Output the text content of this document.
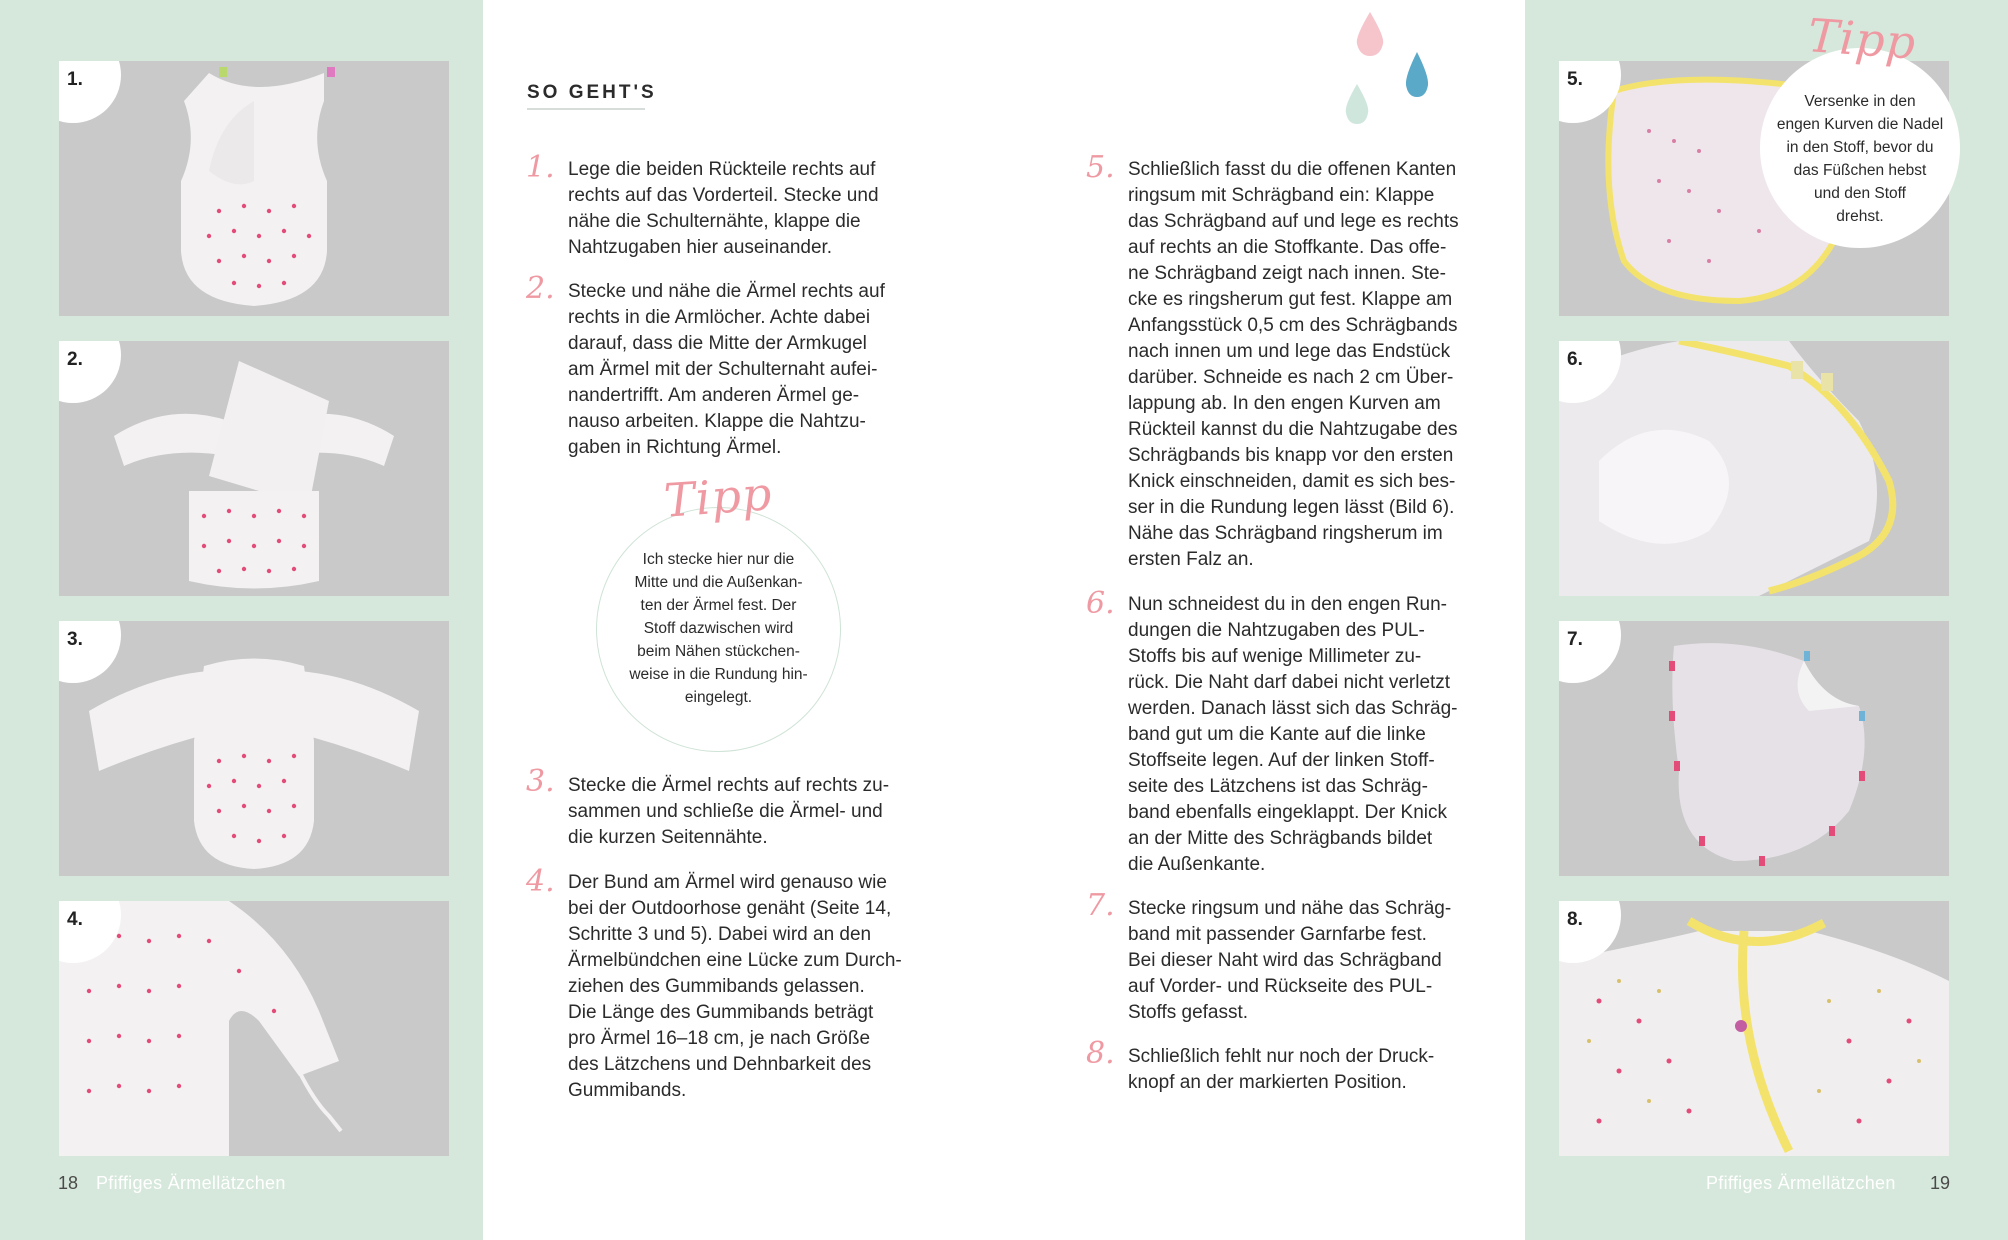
1.
2.
3.
4.
18 Pfiffiges Ärmellätzchen
5.
6.
7.
8.
Tipp
Versenke in den
engen Kurven die Nadel
in den Stoff, bevor du
das Füßchen hebst
und den Stoff
drehst.
Pfiffiges Ärmellätzchen 19
SO GEHT'S
1. Lege die beiden Rückteile rechts auf
rechts auf das Vorderteil. Stecke und
nähe die Schulternähte, klappe die
Nahtzugaben hier auseinander.
2. Stecke und nähe die Ärmel rechts auf
rechts in die Armlöcher. Achte dabei
darauf, dass die Mitte der Armkugel
am Ärmel mit der Schulternaht aufei-
nandertrifft. Am anderen Ärmel ge-
nauso arbeiten. Klappe die Nahtzu-
gaben in Richtung Ärmel.
Tipp
Ich stecke hier nur die
Mitte und die Außenkan-
ten der Ärmel fest. Der
Stoff dazwischen wird
beim Nähen stückchen-
weise in die Rundung hin-
eingelegt.
3. Stecke die Ärmel rechts auf rechts zu-
sammen und schließe die Ärmel- und
die kurzen Seitennähte.
4. Der Bund am Ärmel wird genauso wie
bei der Outdoorhose genäht (Seite 14,
Schritte 3 und 5). Dabei wird an den
Ärmelbündchen eine Lücke zum Durch-
ziehen des Gummibands gelassen.
Die Länge des Gummibands beträgt
pro Ärmel 16–18 cm, je nach Größe
des Lätzchens und Dehnbarkeit des
Gummibands.
5. Schließlich fasst du die offenen Kanten
ringsum mit Schrägband ein: Klappe
das Schrägband auf und lege es rechts
auf rechts an die Stoffkante. Das offe-
ne Schrägband zeigt nach innen. Ste-
cke es ringsherum gut fest. Klappe am
Anfangsstück 0,5 cm des Schrägbands
nach innen um und lege das Endstück
darüber. Schneide es nach 2 cm Über-
lappung ab. In den engen Kurven am
Rückteil kannst du die Nahtzugabe des
Schrägbands bis knapp vor den ersten
Knick einschneiden, damit es sich bes-
ser in die Rundung legen lässt (Bild 6).
Nähe das Schrägband ringsherum im
ersten Falz an.
6. Nun schneidest du in den engen Run-
dungen die Nahtzugaben des PUL-
Stoffs bis auf wenige Millimeter zu-
rück. Die Naht darf dabei nicht verletzt
werden. Danach lässt sich das Schräg-
band gut um die Kante auf die linke
Stoffseite legen. Auf der linken Stoff-
seite des Lätzchens ist das Schräg-
band ebenfalls eingeklappt. Der Knick
an der Mitte des Schrägbands bildet
die Außenkante.
7. Stecke ringsum und nähe das Schräg-
band mit passender Garnfarbe fest.
Bei dieser Naht wird das Schrägband
auf Vorder- und Rückseite des PUL-
Stoffs gefasst.
8. Schließlich fehlt nur noch der Druck-
knopf an der markierten Position.
